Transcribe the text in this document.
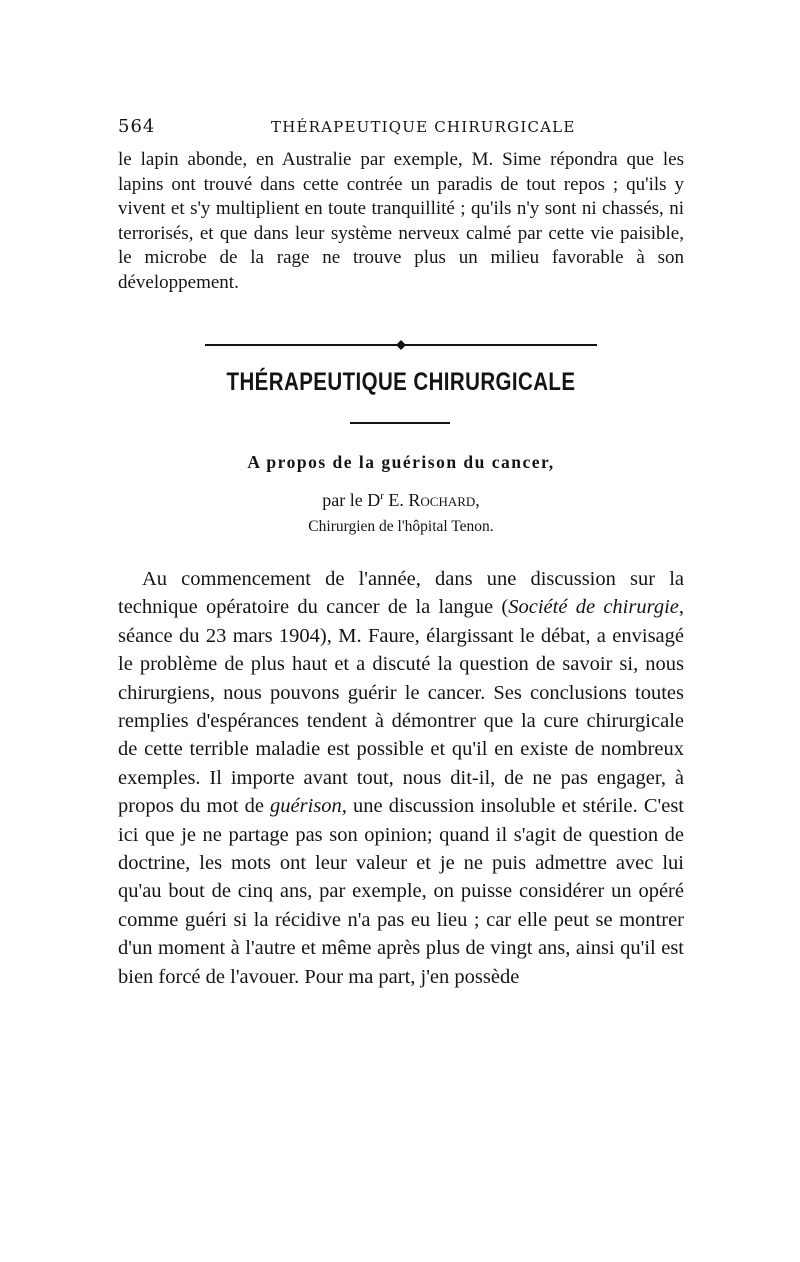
564	THÉRAPEUTIQUE CHIRURGICALE

le lapin abonde, en Australie par exemple, M. Sime répondra que les lapins ont trouvé dans cette contrée un paradis de tout repos ; qu'ils y vivent et s'y multiplient en toute tranquillité ; qu'ils n'y sont ni chassés, ni terrorisés, et que dans leur système nerveux calmé par cette vie paisible, le microbe de la rage ne trouve plus un milieu favorable à son développement.

THÉRAPEUTIQUE CHIRURGICALE
A propos de la guérison du cancer,
par le $D^r$ E. Rochard,
Chirurgien de l'hôpital Tenon.

Au commencement de l'année, dans une discussion sur la technique opératoire du cancer de la langue (Société de chirurgie, séance du 23 mars 1904), M. Faure, élargissant le débat, a envisagé le problème de plus haut et a discuté la question de savoir si, nous chirurgiens, nous pouvons guérir le cancer. Ses conclusions toutes remplies d'espérances tendent à démontrer que la cure chirurgicale de cette terrible maladie est possible et qu'il en existe de nombreux exemples. Il importe avant tout, nous dit-il, de ne pas engager, à propos du mot de guérison, une discussion insoluble et stérile. C'est ici que je ne partage pas son opinion; quand il s'agit de question de doctrine, les mots ont leur valeur et je ne puis admettre avec lui qu'au bout de cinq ans, par exemple, on puisse considérer un opéré comme guéri si la récidive n'a pas eu lieu ; car elle peut se montrer d'un moment à l'autre et même après plus de vingt ans, ainsi qu'il est bien forcé de l'avouer. Pour ma part, j'en possède
